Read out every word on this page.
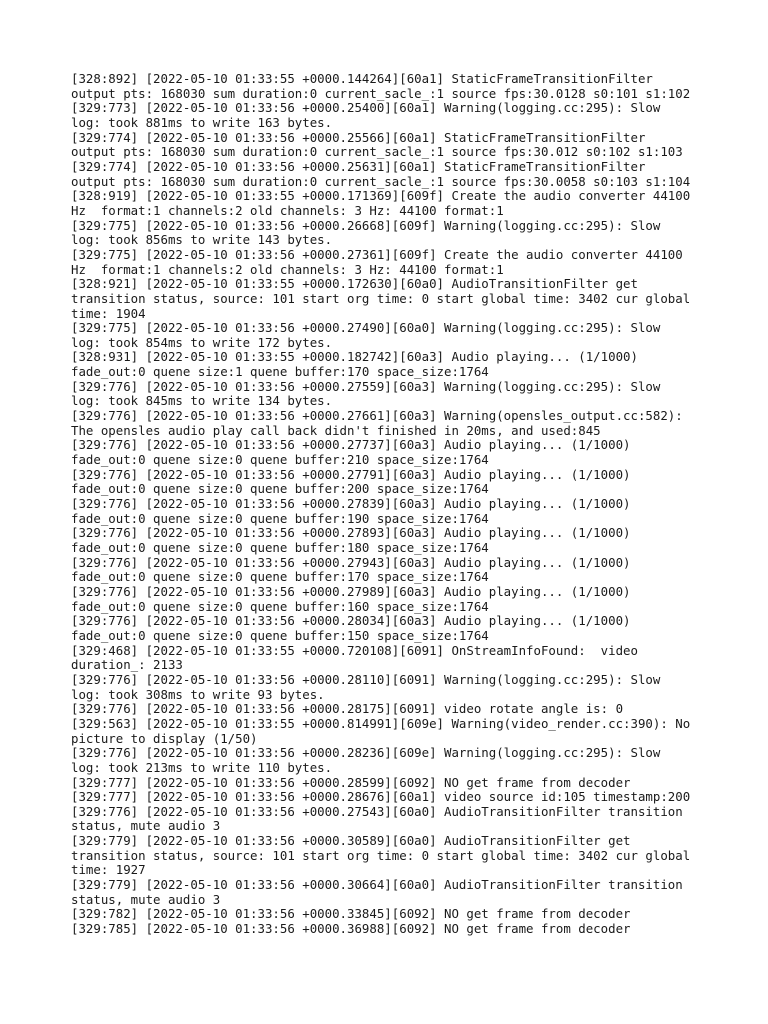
[328:892] [2022-05-10 01:33:55 +0000.144264][60a1] StaticFrameTransitionFilter
output pts: 168030 sum duration:0 current_sacle_:1 source fps:30.0128 s0:101 s1:102
[329:773] [2022-05-10 01:33:56 +0000.25400][60a1] Warning(logging.cc:295): Slow
log: took 881ms to write 163 bytes.
[329:774] [2022-05-10 01:33:56 +0000.25566][60a1] StaticFrameTransitionFilter
output pts: 168030 sum duration:0 current_sacle_:1 source fps:30.012 s0:102 s1:103
[329:774] [2022-05-10 01:33:56 +0000.25631][60a1] StaticFrameTransitionFilter
output pts: 168030 sum duration:0 current_sacle_:1 source fps:30.0058 s0:103 s1:104
[328:919] [2022-05-10 01:33:55 +0000.171369][609f] Create the audio converter 44100
Hz  format:1 channels:2 old channels: 3 Hz: 44100 format:1
[329:775] [2022-05-10 01:33:56 +0000.26668][609f] Warning(logging.cc:295): Slow
log: took 856ms to write 143 bytes.
[329:775] [2022-05-10 01:33:56 +0000.27361][609f] Create the audio converter 44100
Hz  format:1 channels:2 old channels: 3 Hz: 44100 format:1
[328:921] [2022-05-10 01:33:55 +0000.172630][60a0] AudioTransitionFilter get
transition status, source: 101 start org time: 0 start global time: 3402 cur global
time: 1904
[329:775] [2022-05-10 01:33:56 +0000.27490][60a0] Warning(logging.cc:295): Slow
log: took 854ms to write 172 bytes.
[328:931] [2022-05-10 01:33:55 +0000.182742][60a3] Audio playing... (1/1000)
fade_out:0 quene size:1 quene buffer:170 space_size:1764
[329:776] [2022-05-10 01:33:56 +0000.27559][60a3] Warning(logging.cc:295): Slow
log: took 845ms to write 134 bytes.
[329:776] [2022-05-10 01:33:56 +0000.27661][60a3] Warning(opensles_output.cc:582):
The opensles audio play call back didn't finished in 20ms, and used:845
[329:776] [2022-05-10 01:33:56 +0000.27737][60a3] Audio playing... (1/1000)
fade_out:0 quene size:0 quene buffer:210 space_size:1764
[329:776] [2022-05-10 01:33:56 +0000.27791][60a3] Audio playing... (1/1000)
fade_out:0 quene size:0 quene buffer:200 space_size:1764
[329:776] [2022-05-10 01:33:56 +0000.27839][60a3] Audio playing... (1/1000)
fade_out:0 quene size:0 quene buffer:190 space_size:1764
[329:776] [2022-05-10 01:33:56 +0000.27893][60a3] Audio playing... (1/1000)
fade_out:0 quene size:0 quene buffer:180 space_size:1764
[329:776] [2022-05-10 01:33:56 +0000.27943][60a3] Audio playing... (1/1000)
fade_out:0 quene size:0 quene buffer:170 space_size:1764
[329:776] [2022-05-10 01:33:56 +0000.27989][60a3] Audio playing... (1/1000)
fade_out:0 quene size:0 quene buffer:160 space_size:1764
[329:776] [2022-05-10 01:33:56 +0000.28034][60a3] Audio playing... (1/1000)
fade_out:0 quene size:0 quene buffer:150 space_size:1764
[329:468] [2022-05-10 01:33:55 +0000.720108][6091] OnStreamInfoFound:  video
duration_: 2133
[329:776] [2022-05-10 01:33:56 +0000.28110][6091] Warning(logging.cc:295): Slow
log: took 308ms to write 93 bytes.
[329:776] [2022-05-10 01:33:56 +0000.28175][6091] video rotate angle is: 0
[329:563] [2022-05-10 01:33:55 +0000.814991][609e] Warning(video_render.cc:390): No
picture to display (1/50)
[329:776] [2022-05-10 01:33:56 +0000.28236][609e] Warning(logging.cc:295): Slow
log: took 213ms to write 110 bytes.
[329:777] [2022-05-10 01:33:56 +0000.28599][6092] NO get frame from decoder
[329:777] [2022-05-10 01:33:56 +0000.28676][60a1] video source id:105 timestamp:200
[329:776] [2022-05-10 01:33:56 +0000.27543][60a0] AudioTransitionFilter transition
status, mute audio 3
[329:779] [2022-05-10 01:33:56 +0000.30589][60a0] AudioTransitionFilter get
transition status, source: 101 start org time: 0 start global time: 3402 cur global
time: 1927
[329:779] [2022-05-10 01:33:56 +0000.30664][60a0] AudioTransitionFilter transition
status, mute audio 3
[329:782] [2022-05-10 01:33:56 +0000.33845][6092] NO get frame from decoder
[329:785] [2022-05-10 01:33:56 +0000.36988][6092] NO get frame from decoder
